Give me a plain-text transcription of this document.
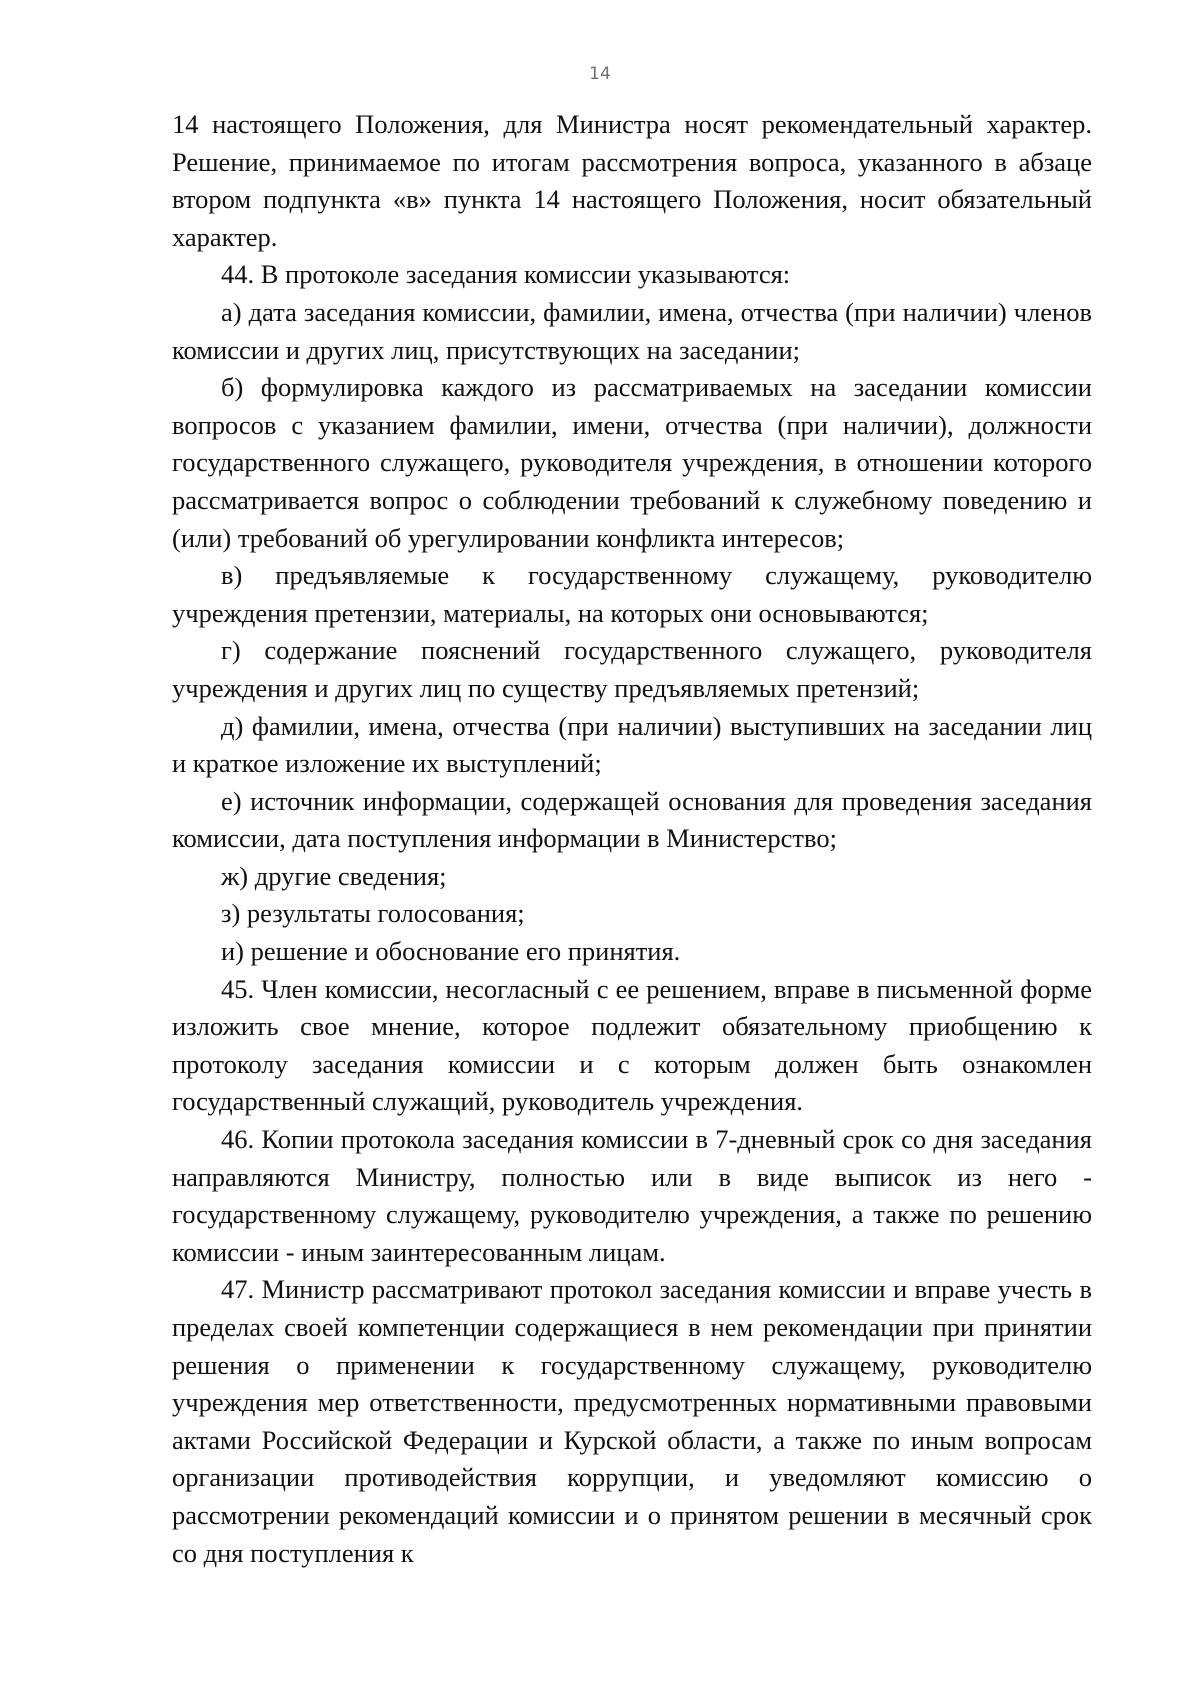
14

14 настоящего Положения, для Министра носят рекомендательный характер. Решение, принимаемое по итогам рассмотрения вопроса, указанного в абзаце втором подпункта «в» пункта 14 настоящего Положения, носит обязательный характер.

44. В протоколе заседания комиссии указываются:

а) дата заседания комиссии, фамилии, имена, отчества (при наличии) членов комиссии и других лиц, присутствующих на заседании;

б) формулировка каждого из рассматриваемых на заседании комиссии вопросов с указанием фамилии, имени, отчества (при наличии), должности государственного служащего, руководителя учреждения, в отношении которого рассматривается вопрос о соблюдении требований к служебному поведению и (или) требований об урегулировании конфликта интересов;

в) предъявляемые к государственному служащему, руководителю учреждения претензии, материалы, на которых они основываются;

г) содержание пояснений государственного служащего, руководителя учреждения и других лиц по существу предъявляемых претензий;

д) фамилии, имена, отчества (при наличии) выступивших на заседании лиц и краткое изложение их выступлений;

е) источник информации, содержащей основания для проведения заседания комиссии, дата поступления информации в Министерство;

ж) другие сведения;

з) результаты голосования;

и) решение и обоснование его принятия.

45. Член комиссии, несогласный с ее решением, вправе в письменной форме изложить свое мнение, которое подлежит обязательному приобщению к протоколу заседания комиссии и с которым должен быть ознакомлен государственный служащий, руководитель учреждения.

46. Копии протокола заседания комиссии в 7-дневный срок со дня заседания направляются Министру, полностью или в виде выписок из него - государственному служащему, руководителю учреждения, а также по решению комиссии - иным заинтересованным лицам.

47. Министр рассматривают протокол заседания комиссии и вправе учесть в пределах своей компетенции содержащиеся в нем рекомендации при принятии решения о применении к государственному служащему, руководителю учреждения мер ответственности, предусмотренных нормативными правовыми актами Российской Федерации и Курской области, а также по иным вопросам организации противодействия коррупции, и уведомляют комиссию о рассмотрении рекомендаций комиссии и о принятом решении в месячный срок со дня поступления к
